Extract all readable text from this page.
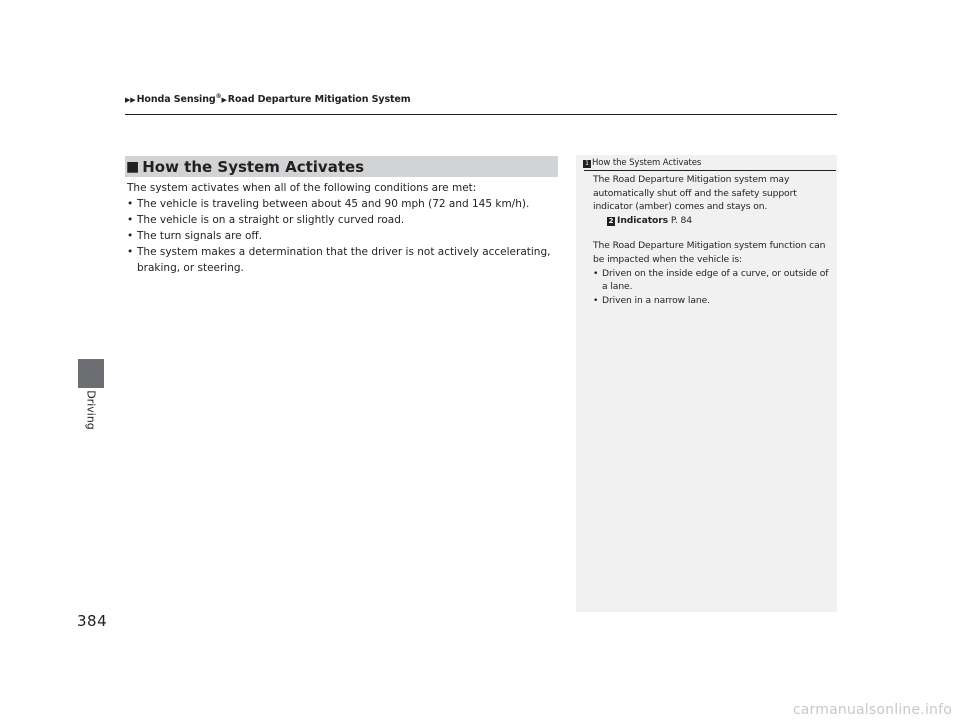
▶▶Honda Sensing®▶Road Departure Mitigation System
Driving
384
■ How the System Activates

The system activates when all of the following conditions are met:

• The vehicle is traveling between about 45 and 90 mph (72 and 145 km/h).
• The vehicle is on a straight or slightly curved road.
• The turn signals are off.
• The system makes a determination that the driver is not actively accelerating,
braking, or steering.
1 How the System Activates

The Road Departure Mitigation system may

automatically shut off and the safety support

indicator (amber) comes and stays on.

2 Indicators P. 84

The Road Departure Mitigation system function can

be impacted when the vehicle is:

• Driven on the inside edge of a curve, or outside of
a lane.
• Driven in a narrow lane.
carmanualsonline.info
